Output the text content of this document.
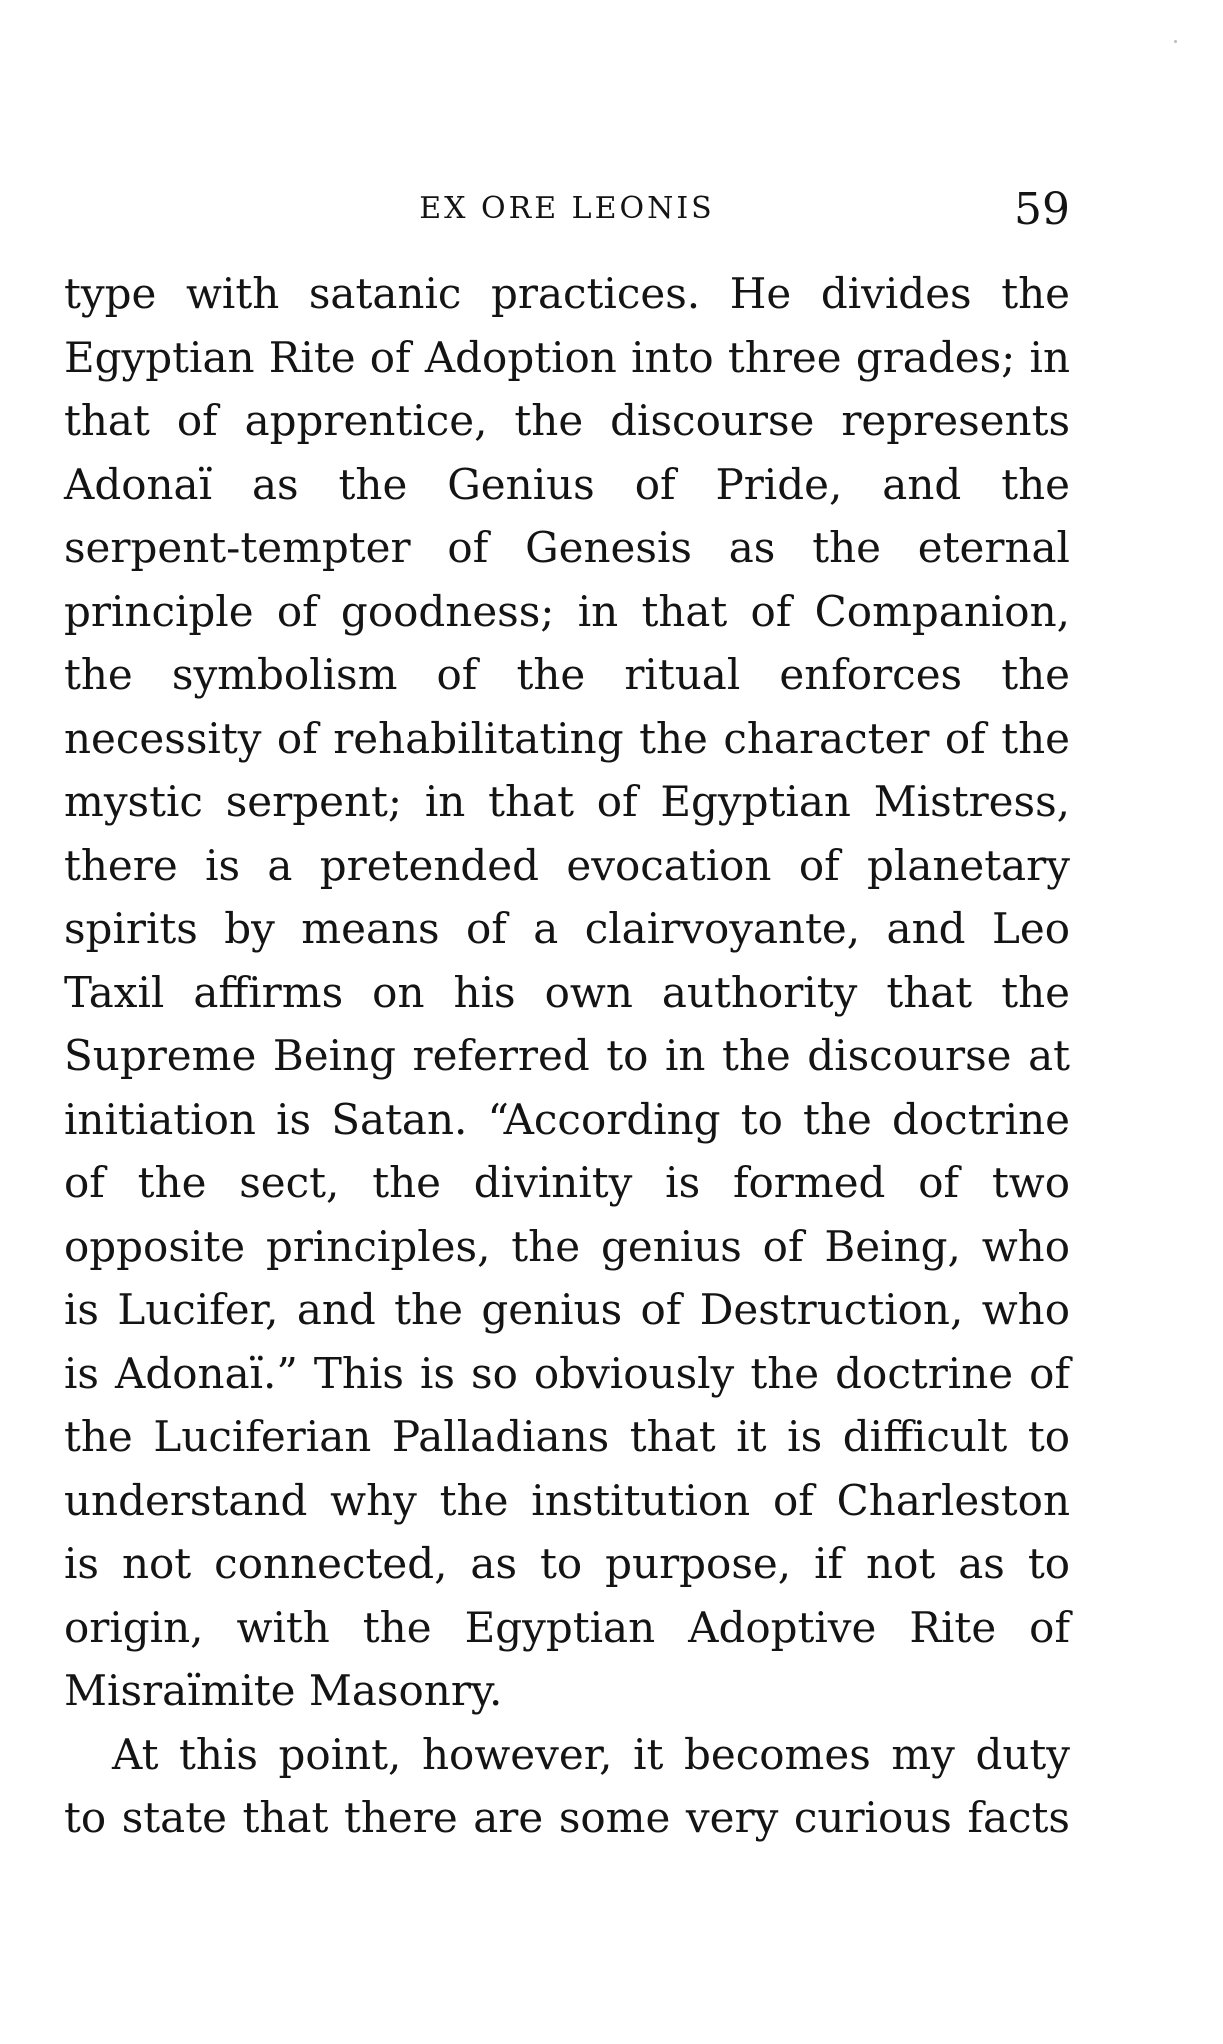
EX ORE LEONIS	59

type with satanic practices. He divides the Egyptian Rite of Adoption into three grades; in that of apprentice, the discourse represents Adonaï as the Genius of Pride, and the serpent-tempter of Genesis as the eternal principle of goodness; in that of Companion, the symbolism of the ritual enforces the necessity of rehabilitating the character of the mystic serpent; in that of Egyptian Mistress, there is a pretended evocation of planetary spirits by means of a clairvoyante, and Leo Taxil affirms on his own authority that the Supreme Being referred to in the discourse at initiation is Satan. “According to the doctrine of the sect, the divinity is formed of two opposite principles, the genius of Being, who is Lucifer, and the genius of Destruction, who is Adonaï.” This is so obviously the doctrine of the Luciferian Palladians that it is difficult to understand why the institution of Charleston is not connected, as to purpose, if not as to origin, with the Egyptian Adoptive Rite of Misraïmite Masonry.

At this point, however, it becomes my duty to state that there are some very curious facts
